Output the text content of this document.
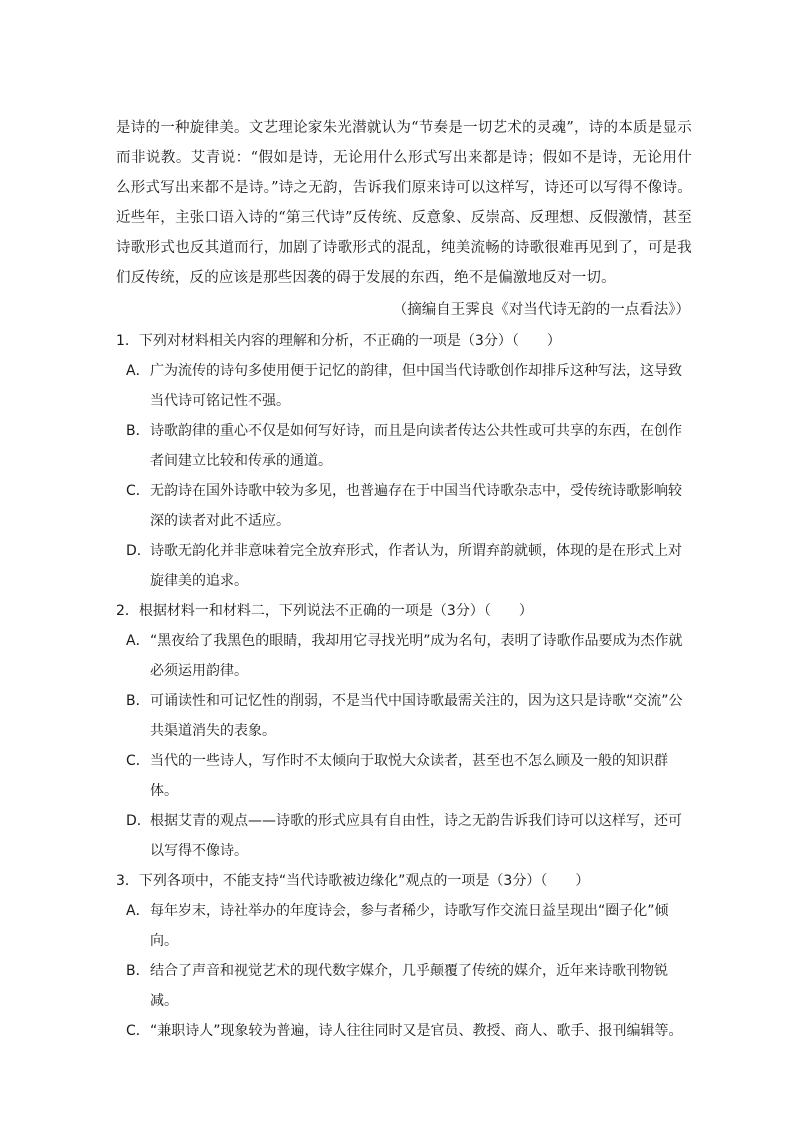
是诗的一种旋律美。文艺理论家朱光潜就认为“节奏是一切艺术的灵魂”，诗的本质是显示而非说教。艾青说：“假如是诗，无论用什么形式写出来都是诗；假如不是诗，无论用什么形式写出来都不是诗。”诗之无韵，告诉我们原来诗可以这样写，诗还可以写得不像诗。近些年，主张口语入诗的“第三代诗”反传统、反意象、反崇高、反理想、反假激情，甚至诗歌形式也反其道而行，加剧了诗歌形式的混乱，纯美流畅的诗歌很难再见到了，可是我们反传统，反的应该是那些因袭的碍于发展的东西，绝不是偏激地反对一切。

（摘编自王霁良《对当代诗无韵的一点看法》）

1．下列对材料相关内容的理解和分析，不正确的一项是（3分）（　　）

A．广为流传的诗句多使用便于记忆的韵律，但中国当代诗歌创作却排斥这种写法，这导致当代诗可铭记性不强。

B．诗歌韵律的重心不仅是如何写好诗，而且是向读者传达公共性或可共享的东西，在创作者间建立比较和传承的通道。

C．无韵诗在国外诗歌中较为多见，也普遍存在于中国当代诗歌杂志中，受传统诗歌影响较深的读者对此不适应。

D．诗歌无韵化并非意味着完全放弃形式，作者认为，所谓弃韵就顿，体现的是在形式上对旋律美的追求。

2．根据材料一和材料二，下列说法不正确的一项是（3分）（　　）

A．“黑夜给了我黑色的眼睛，我却用它寻找光明”成为名句，表明了诗歌作品要成为杰作就必须运用韵律。

B．可诵读性和可记忆性的削弱，不是当代中国诗歌最需关注的，因为这只是诗歌“交流”公共渠道消失的表象。

C．当代的一些诗人，写作时不太倾向于取悦大众读者，甚至也不怎么顾及一般的知识群体。

D．根据艾青的观点——诗歌的形式应具有自由性，诗之无韵告诉我们诗可以这样写，还可以写得不像诗。

3．下列各项中，不能支持“当代诗歌被边缘化”观点的一项是（3分）（　　）

A．每年岁末，诗社举办的年度诗会，参与者稀少，诗歌写作交流日益呈现出“圈子化”倾向。

B．结合了声音和视觉艺术的现代数字媒介，几乎颠覆了传统的媒介，近年来诗歌刊物锐减。

C．“兼职诗人”现象较为普遍，诗人往往同时又是官员、教授、商人、歌手、报刊编辑等。
